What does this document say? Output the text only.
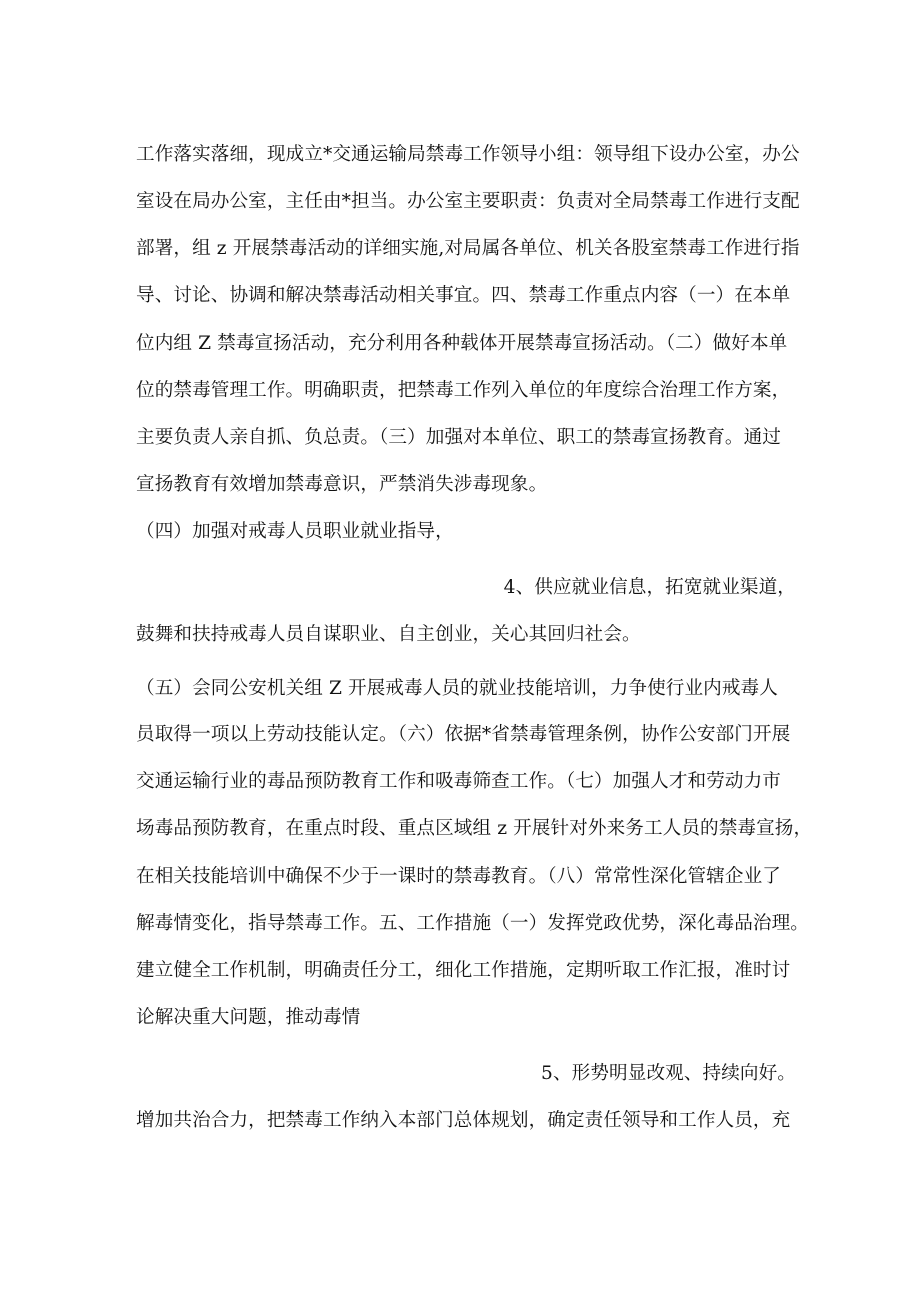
工作落实落细，现成立*交通运输局禁毒工作领导小组：领导组下设办公室，办公
室设在局办公室，主任由*担当。办公室主要职责：负责对全局禁毒工作进行支配
部署，组 z 开展禁毒活动的详细实施,对局属各单位、机关各股室禁毒工作进行指
导、讨论、协调和解决禁毒活动相关事宜。四、禁毒工作重点内容（一）在本单
位内组 Z 禁毒宣扬活动，充分利用各种载体开展禁毒宣扬活动。（二）做好本单
位的禁毒管理工作。明确职责，把禁毒工作列入单位的年度综合治理工作方案，
主要负责人亲自抓、负总责。（三）加强对本单位、职工的禁毒宣扬教育。通过
宣扬教育有效增加禁毒意识，严禁消失涉毒现象。
（四）加强对戒毒人员职业就业指导，
4、供应就业信息，拓宽就业渠道，
鼓舞和扶持戒毒人员自谋职业、自主创业，关心其回归社会。
（五）会同公安机关组 Z 开展戒毒人员的就业技能培训，力争使行业内戒毒人
员取得一项以上劳动技能认定。（六）依据*省禁毒管理条例，协作公安部门开展
交通运输行业的毒品预防教育工作和吸毒筛查工作。（七）加强人才和劳动力市
场毒品预防教育，在重点时段、重点区域组 z 开展针对外来务工人员的禁毒宣扬，
在相关技能培训中确保不少于一课时的禁毒教育。（八）常常性深化管辖企业了
解毒情变化，指导禁毒工作。五、工作措施（一）发挥党政优势，深化毒品治理。
建立健全工作机制，明确责任分工，细化工作措施，定期听取工作汇报，准时讨
论解决重大问题，推动毒情
5、形势明显改观、持续向好。
增加共治合力，把禁毒工作纳入本部门总体规划，确定责任领导和工作人员，充
